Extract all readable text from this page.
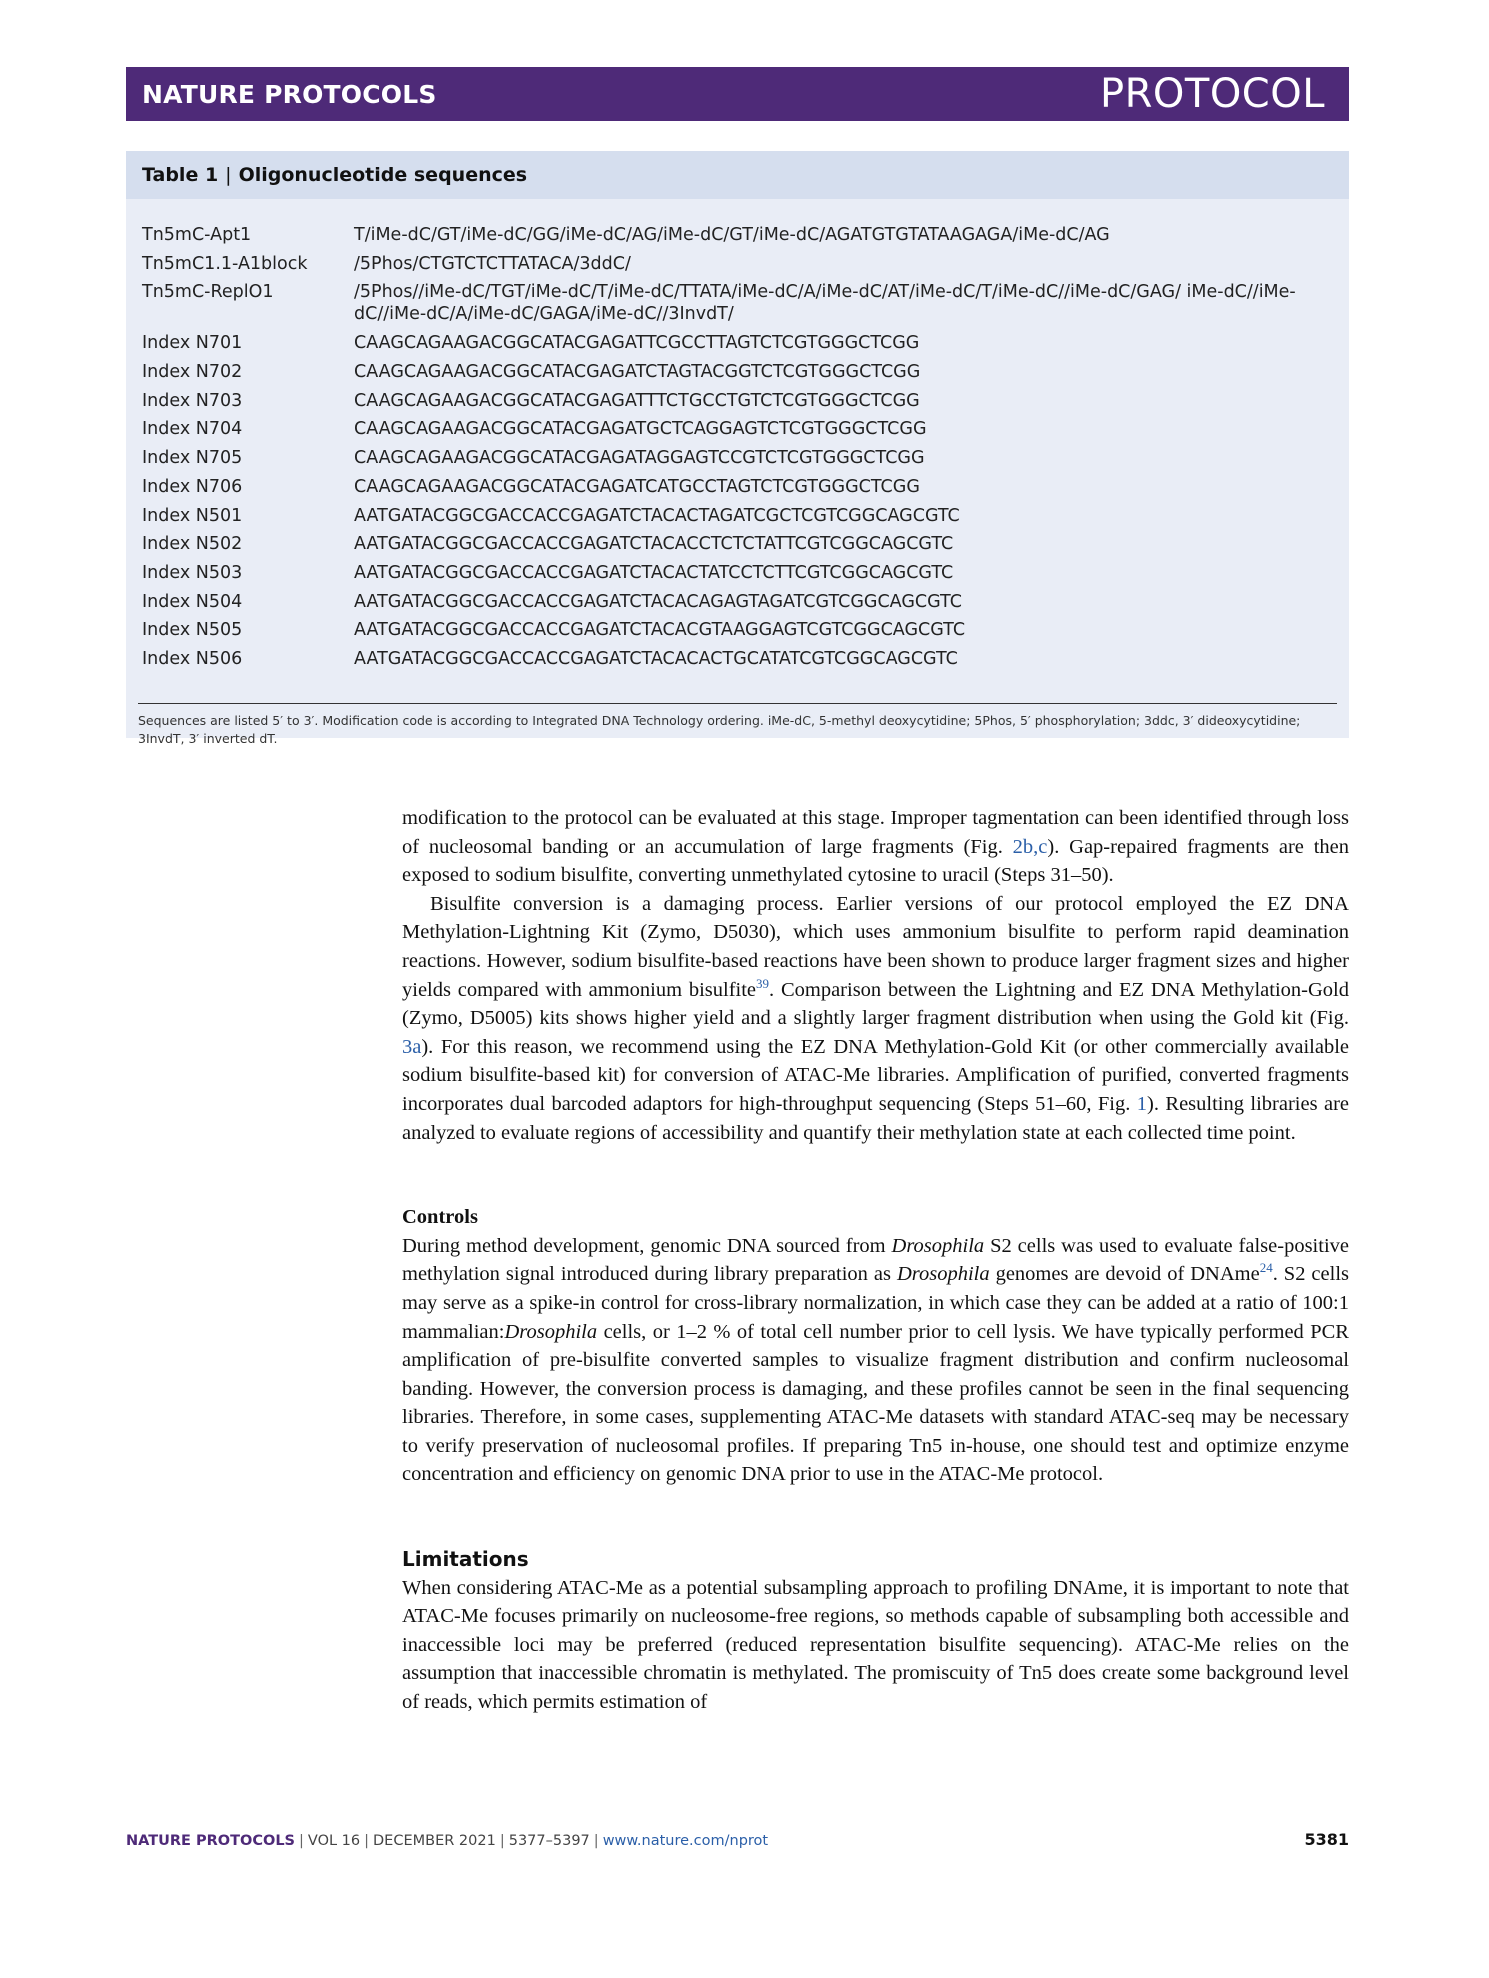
NATURE PROTOCOLS	PROTOCOL
Table 1 | Oligonucleotide sequences
Tn5mC-Apt1	T/iMe-dC/GT/iMe-dC/GG/iMe-dC/AG/iMe-dC/GT/iMe-dC/AGATGTGTATAAGAGA/iMe-dC/AG
Tn5mC1.1-A1block	/5Phos/CTGTCTCTTATACA/3ddC/
Tn5mC-ReplO1	/5Phos//iMe-dC/TGT/iMe-dC/T/iMe-dC/TTATA/iMe-dC/A/iMe-dC/AT/iMe-dC/T/iMe-dC//iMe-dC/GAG/ iMe-dC//iMe-dC//iMe-dC/A/iMe-dC/GAGA/iMe-dC//3InvdT/
Index N701	CAAGCAGAAGACGGCATACGAGATTCGCCTTAGTCTCGTGGGCTCGG
Index N702	CAAGCAGAAGACGGCATACGAGATCTAGTACGGTCTCGTGGGCTCGG
Index N703	CAAGCAGAAGACGGCATACGAGATTTCTGCCTGTCTCGTGGGCTCGG
Index N704	CAAGCAGAAGACGGCATACGAGATGCTCAGGAGTCTCGTGGGCTCGG
Index N705	CAAGCAGAAGACGGCATACGAGATAGGAGTCCGTCTCGTGGGCTCGG
Index N706	CAAGCAGAAGACGGCATACGAGATCATGCCTAGTCTCGTGGGCTCGG
Index N501	AATGATACGGCGACCACCGAGATCTACACTAGATCGCTCGTCGGCAGCGTC
Index N502	AATGATACGGCGACCACCGAGATCTACACCTCTCTATTCGTCGGCAGCGTC
Index N503	AATGATACGGCGACCACCGAGATCTACACTATCCTCTTCGTCGGCAGCGTC
Index N504	AATGATACGGCGACCACCGAGATCTACACAGAGTAGATCGTCGGCAGCGTC
Index N505	AATGATACGGCGACCACCGAGATCTACACGTAAGGAGTCGTCGGCAGCGTC
Index N506	AATGATACGGCGACCACCGAGATCTACACACTGCATATCGTCGGCAGCGTC

Sequences are listed 5′ to 3′. Modification code is according to Integrated DNA Technology ordering. iMe-dC, 5-methyl deoxycytidine; 5Phos, 5′ phosphorylation; 3ddc, 3′ dideoxycytidine; 3InvdT, 3′ inverted dT.

modification to the protocol can be evaluated at this stage. Improper tagmentation can been identified through loss of nucleosomal banding or an accumulation of large fragments (Fig. 2b,c). Gap-repaired fragments are then exposed to sodium bisulfite, converting unmethylated cytosine to uracil (Steps 31–50).

Bisulfite conversion is a damaging process. Earlier versions of our protocol employed the EZ DNA Methylation-Lightning Kit (Zymo, D5030), which uses ammonium bisulfite to perform rapid deamination reactions. However, sodium bisulfite-based reactions have been shown to produce larger fragment sizes and higher yields compared with ammonium bisulfite$^{39}$. Comparison between the Lightning and EZ DNA Methylation-Gold (Zymo, D5005) kits shows higher yield and a slightly larger fragment distribution when using the Gold kit (Fig. 3a). For this reason, we recommend using the EZ DNA Methylation-Gold Kit (or other commercially available sodium bisulfite-based kit) for conversion of ATAC-Me libraries. Amplification of purified, converted fragments incorporates dual barcoded adaptors for high-throughput sequencing (Steps 51–60, Fig. 1). Resulting libraries are analyzed to evaluate regions of accessibility and quantify their methylation state at each collected time point.

Controls

During method development, genomic DNA sourced from Drosophila S2 cells was used to evaluate false-positive methylation signal introduced during library preparation as Drosophila genomes are devoid of DNAme$^{24}$. S2 cells may serve as a spike-in control for cross-library normalization, in which case they can be added at a ratio of 100:1 mammalian:Drosophila cells, or 1–2 % of total cell number prior to cell lysis. We have typically performed PCR amplification of pre-bisulfite converted samples to visualize fragment distribution and confirm nucleosomal banding. However, the conversion process is damaging, and these profiles cannot be seen in the final sequencing libraries. Therefore, in some cases, supplementing ATAC-Me datasets with standard ATAC-seq may be necessary to verify preservation of nucleosomal profiles. If preparing Tn5 in-house, one should test and optimize enzyme concentration and efficiency on genomic DNA prior to use in the ATAC-Me protocol.

Limitations

When considering ATAC-Me as a potential subsampling approach to profiling DNAme, it is important to note that ATAC-Me focuses primarily on nucleosome-free regions, so methods capable of subsampling both accessible and inaccessible loci may be preferred (reduced representation bisulfite sequencing). ATAC-Me relies on the assumption that inaccessible chromatin is methylated. The promiscuity of Tn5 does create some background level of reads, which permits estimation of

NATURE PROTOCOLS | VOL 16 | DECEMBER 2021 | 5377–5397 | www.nature.com/nprot	5381
